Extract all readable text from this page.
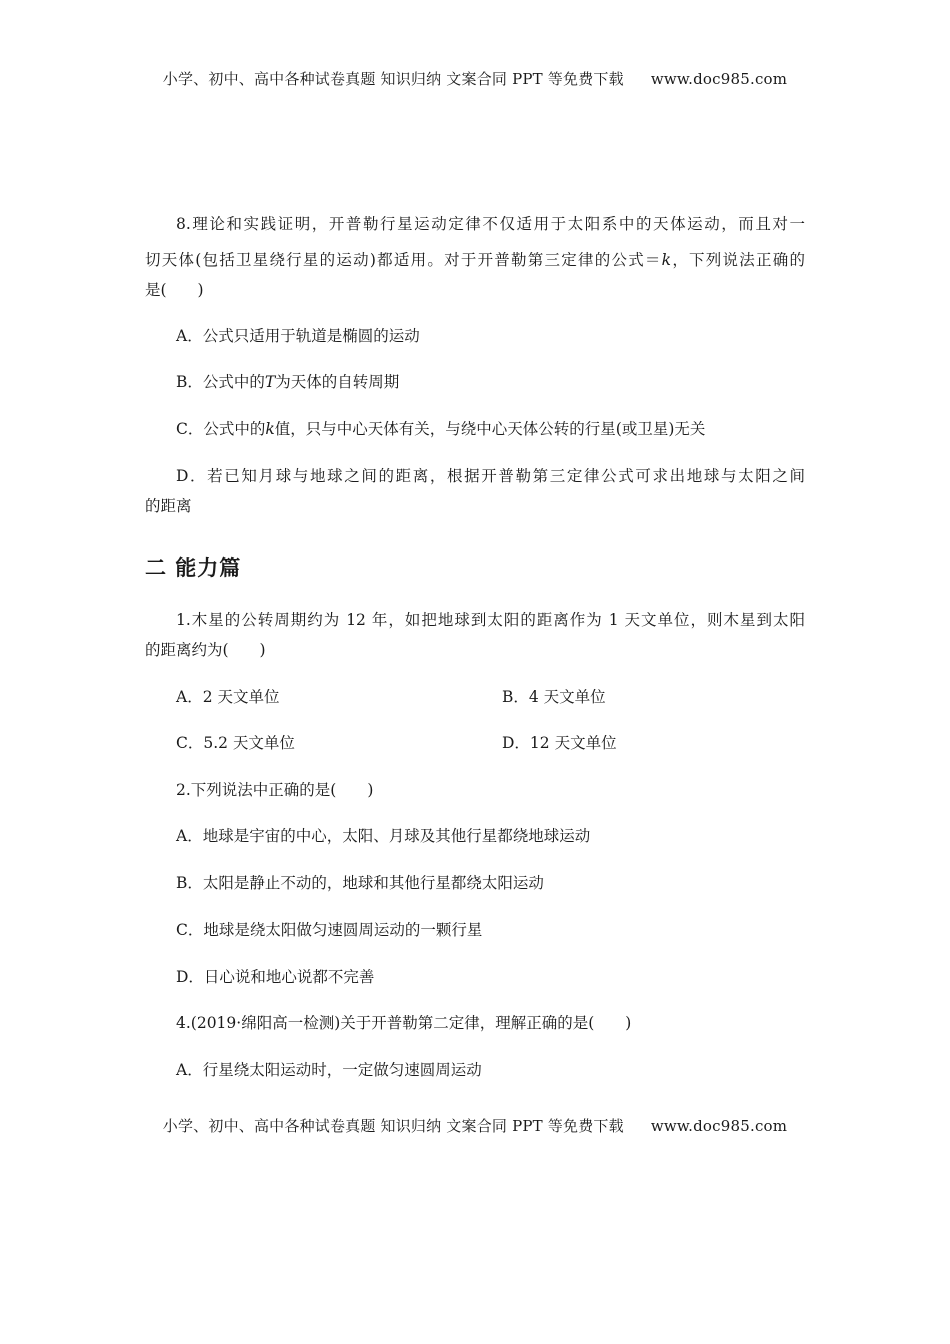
小学、初中、高中各种试卷真题 知识归纳 文案合同 PPT 等免费下载 www.doc985.com
8.理论和实践证明，开普勒行星运动定律不仅适用于太阳系中的天体运动，而且对一
切天体(包括卫星绕行星的运动)都适用。对于开普勒第三定律的公式＝k，下列说法正确的
是(　　)
A．公式只适用于轨道是椭圆的运动
B．公式中的T为天体的自转周期
C．公式中的k值，只与中心天体有关，与绕中心天体公转的行星(或卫星)无关
D．若已知月球与地球之间的距离，根据开普勒第三定律公式可求出地球与太阳之间
的距离
二 能力篇
1.木星的公转周期约为 12 年，如把地球到太阳的距离作为 1 天文单位，则木星到太阳
的距离约为(　　)
A．2 天文单位	B．4 天文单位
C．5.2 天文单位	D．12 天文单位
2.下列说法中正确的是(　　)
A．地球是宇宙的中心，太阳、月球及其他行星都绕地球运动
B．太阳是静止不动的，地球和其他行星都绕太阳运动
C．地球是绕太阳做匀速圆周运动的一颗行星
D．日心说和地心说都不完善
4.(2019·绵阳高一检测)关于开普勒第二定律，理解正确的是(　　)
A．行星绕太阳运动时，一定做匀速圆周运动
小学、初中、高中各种试卷真题 知识归纳 文案合同 PPT 等免费下载 www.doc985.com
